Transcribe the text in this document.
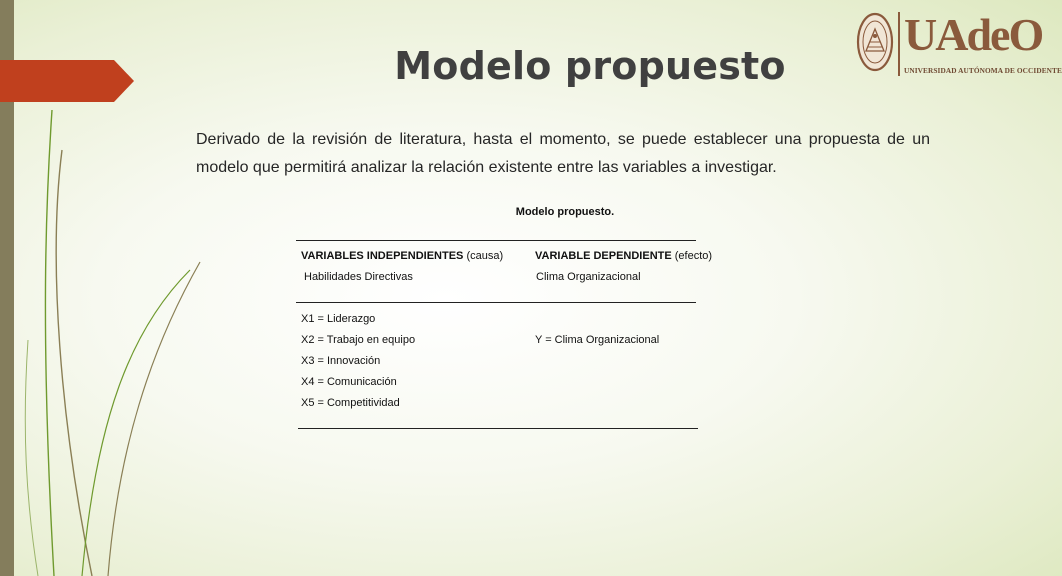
Modelo propuesto

Derivado de la revisión de literatura, hasta el momento, se puede establecer una propuesta de un modelo que permitirá analizar la relación existente entre las variables a investigar.

UAdeO
UNIVERSIDAD AUTÓNOMA DE OCCIDENTE

Modelo propuesto.

VARIABLES INDEPENDIENTES (causa)	VARIABLE DEPENDIENTE (efecto)
Habilidades Directivas	Clima Organizacional
X1 = Liderazgo
X2 = Trabajo en equipo
X3 = Innovación
X4 = Comunicación
X5 = Competitividad
Y = Clima Organizacional
